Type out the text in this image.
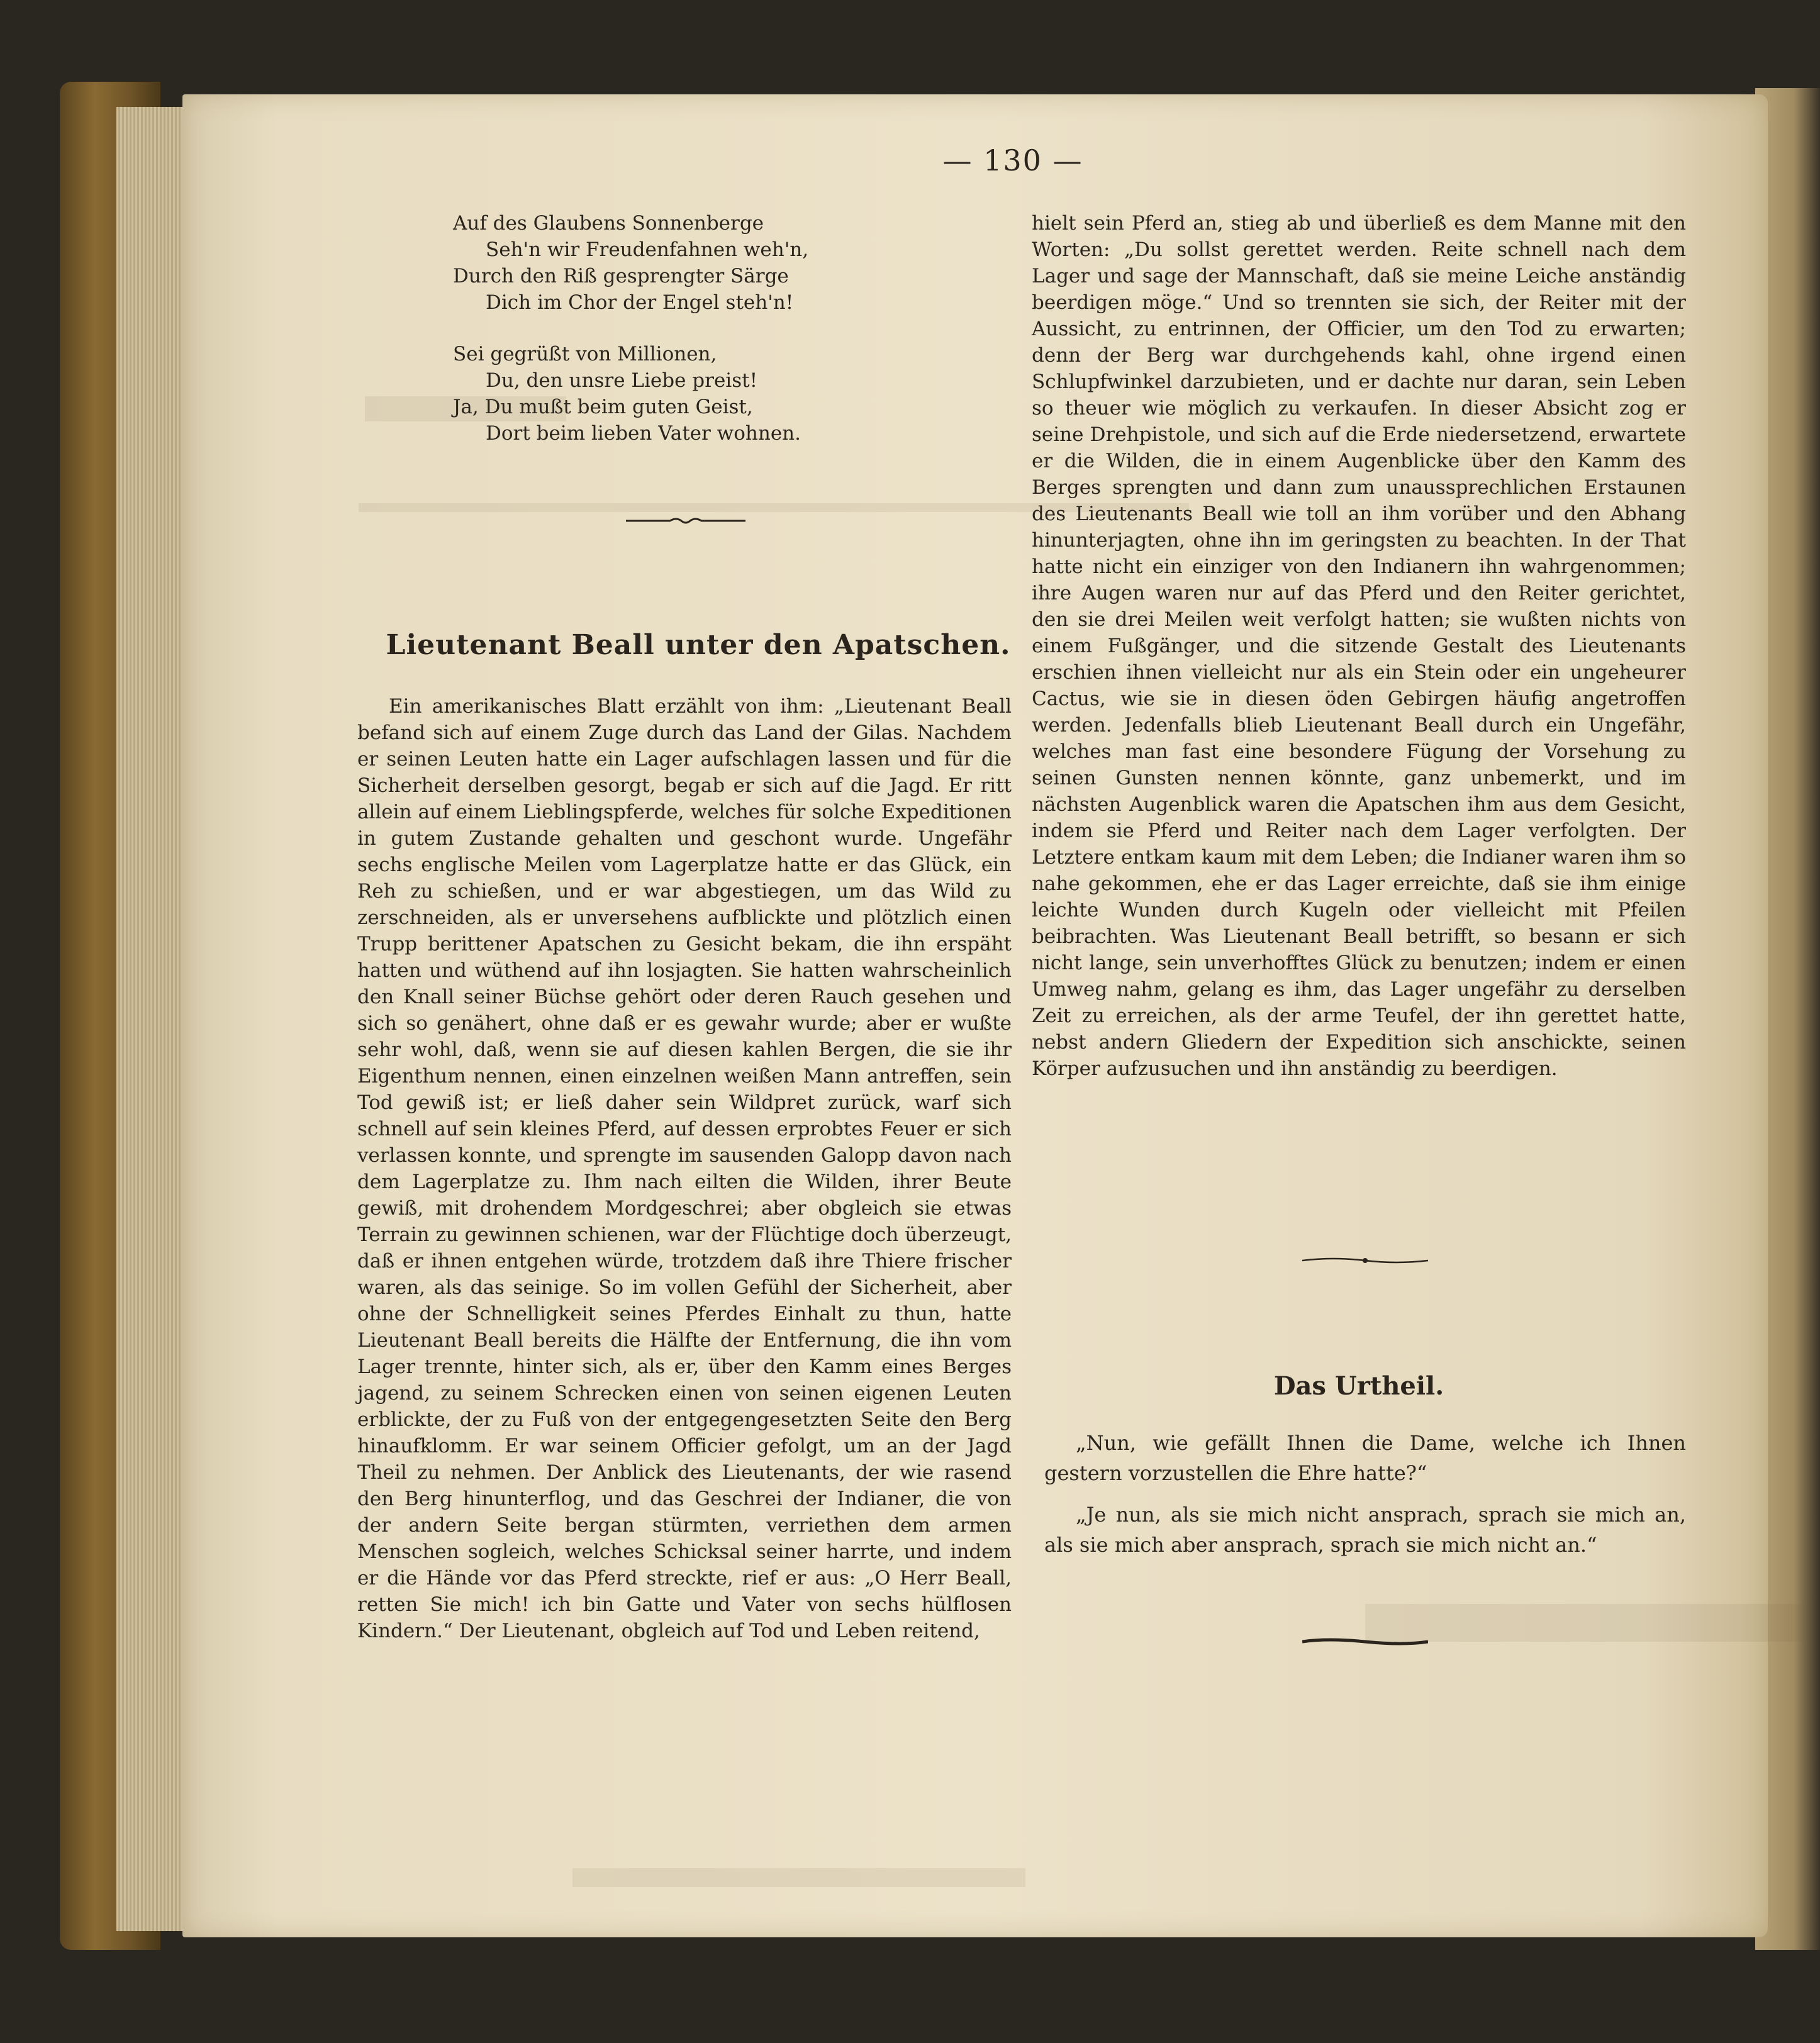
— 130 —
Auf des Glaubens Sonnenberge
Seh'n wir Freudenfahnen weh'n,
Durch den Riß gesprengter Särge
Dich im Chor der Engel steh'n!
Sei gegrüßt von Millionen,
Du, den unsre Liebe preist!
Ja, Du mußt beim guten Geist,
Dort beim lieben Vater wohnen.
Lieutenant Beall unter den Apatschen.

Ein amerikanisches Blatt erzählt von ihm: „Lieutenant Beall befand sich auf einem Zuge durch das Land der Gilas. Nachdem er seinen Leuten hatte ein Lager aufschlagen lassen und für die Sicherheit derselben gesorgt, begab er sich auf die Jagd. Er ritt allein auf einem Lieblingspferde, welches für solche Expeditionen in gutem Zustande gehalten und geschont wurde. Ungefähr sechs englische Meilen vom Lagerplatze hatte er das Glück, ein Reh zu schießen, und er war abgestiegen, um das Wild zu zerschneiden, als er unversehens aufblickte und plötzlich einen Trupp berittener Apatschen zu Gesicht bekam, die ihn erspäht hatten und wüthend auf ihn losjagten. Sie hatten wahrscheinlich den Knall seiner Büchse gehört oder deren Rauch gesehen und sich so genähert, ohne daß er es gewahr wurde; aber er wußte sehr wohl, daß, wenn sie auf diesen kahlen Bergen, die sie ihr Eigenthum nennen, einen einzelnen weißen Mann antreffen, sein Tod gewiß ist; er ließ daher sein Wildpret zurück, warf sich schnell auf sein kleines Pferd, auf dessen erprobtes Feuer er sich verlassen konnte, und sprengte im sausenden Galopp davon nach dem Lagerplatze zu. Ihm nach eilten die Wilden, ihrer Beute gewiß, mit drohendem Mordgeschrei; aber obgleich sie etwas Terrain zu gewinnen schienen, war der Flüchtige doch überzeugt, daß er ihnen entgehen würde, trotzdem daß ihre Thiere frischer waren, als das seinige. So im vollen Gefühl der Sicherheit, aber ohne der Schnelligkeit seines Pferdes Einhalt zu thun, hatte Lieutenant Beall bereits die Hälfte der Entfernung, die ihn vom Lager trennte, hinter sich, als er, über den Kamm eines Berges jagend, zu seinem Schrecken einen von seinen eigenen Leuten erblickte, der zu Fuß von der entgegengesetzten Seite den Berg hinaufklomm. Er war seinem Officier gefolgt, um an der Jagd Theil zu nehmen. Der Anblick des Lieutenants, der wie rasend den Berg hinunterflog, und das Geschrei der Indianer, die von der andern Seite bergan stürmten, verriethen dem armen Menschen sogleich, welches Schicksal seiner harrte, und indem er die Hände vor das Pferd streckte, rief er aus: „O Herr Beall, retten Sie mich! ich bin Gatte und Vater von sechs hülflosen Kindern.“ Der Lieutenant, obgleich auf Tod und Leben reitend,

hielt sein Pferd an, stieg ab und überließ es dem Manne mit den Worten: „Du sollst gerettet werden. Reite schnell nach dem Lager und sage der Mannschaft, daß sie meine Leiche anständig beerdigen möge.“ Und so trennten sie sich, der Reiter mit der Aussicht, zu entrinnen, der Officier, um den Tod zu erwarten; denn der Berg war durchgehends kahl, ohne irgend einen Schlupfwinkel darzubieten, und er dachte nur daran, sein Leben so theuer wie möglich zu verkaufen. In dieser Absicht zog er seine Drehpistole, und sich auf die Erde niedersetzend, erwartete er die Wilden, die in einem Augenblicke über den Kamm des Berges sprengten und dann zum unaussprechlichen Erstaunen des Lieutenants Beall wie toll an ihm vorüber und den Abhang hinunterjagten, ohne ihn im geringsten zu beachten. In der That hatte nicht ein einziger von den Indianern ihn wahrgenommen; ihre Augen waren nur auf das Pferd und den Reiter gerichtet, den sie drei Meilen weit verfolgt hatten; sie wußten nichts von einem Fußgänger, und die sitzende Gestalt des Lieutenants erschien ihnen vielleicht nur als ein Stein oder ein ungeheurer Cactus, wie sie in diesen öden Gebirgen häufig angetroffen werden. Jedenfalls blieb Lieutenant Beall durch ein Ungefähr, welches man fast eine besondere Fügung der Vorsehung zu seinen Gunsten nennen könnte, ganz unbemerkt, und im nächsten Augenblick waren die Apatschen ihm aus dem Gesicht, indem sie Pferd und Reiter nach dem Lager verfolgten. Der Letztere entkam kaum mit dem Leben; die Indianer waren ihm so nahe gekommen, ehe er das Lager erreichte, daß sie ihm einige leichte Wunden durch Kugeln oder vielleicht mit Pfeilen beibrachten. Was Lieutenant Beall betrifft, so besann er sich nicht lange, sein unverhofftes Glück zu benutzen; indem er einen Umweg nahm, gelang es ihm, das Lager ungefähr zu derselben Zeit zu erreichen, als der arme Teufel, der ihn gerettet hatte, nebst andern Gliedern der Expedition sich anschickte, seinen Körper aufzusuchen und ihn anständig zu beerdigen.

Das Urtheil.

„Nun, wie gefällt Ihnen die Dame, welche ich Ihnen gestern vorzustellen die Ehre hatte?“

„Je nun, als sie mich nicht ansprach, sprach sie mich an, als sie mich aber ansprach, sprach sie mich nicht an.“
